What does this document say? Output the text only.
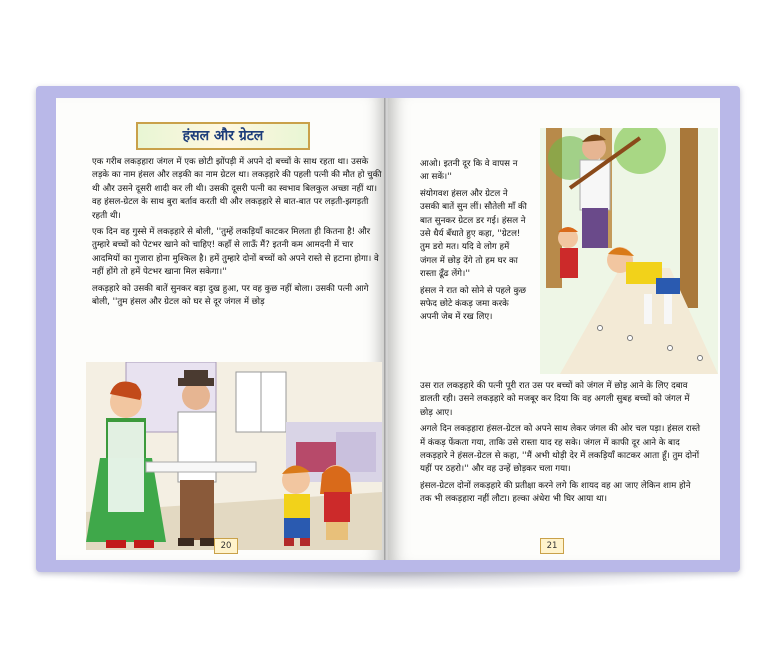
हंसल और ग्रेटल

एक गरीब लकड़हारा जंगल में एक छोटी झोंपड़ी में अपने दो बच्चों के साथ रहता था। उसके लड़के का नाम हंसल और लड़की का नाम ग्रेटल था। लकड़हारे की पहली पत्नी की मौत हो चुकी थी और उसने दूसरी शादी कर ली थी। उसकी दूसरी पत्नी का स्वभाव बिलकुल अच्छा नहीं था। वह हंसल-ग्रेटल के साथ बुरा बर्ताव करती थी और लकड़हारे से बात-बात पर लड़ती-झगड़ती रहती थी।

एक दिन वह गुस्से में लकड़हारे से बोली, ''तुम्हें लकड़ियाँ काटकर मिलता ही कितना है! और तुम्हारे बच्चों को पेटभर खाने को चाहिए! कहाँ से लाऊँ मैं? इतनी कम आमदनी में चार आदमियों का गुजारा होना मुश्किल है। हमें तुम्हारे दोनों बच्चों को अपने रास्ते से हटाना होगा। वे नहीं होंगे तो हमें पेटभर खाना मिल सकेगा।''

लकड़हारे को उसकी बातें सुनकर बड़ा दुख हुआ, पर वह कुछ नहीं बोला। उसकी पत्नी आगे बोली, ''तुम हंसल और ग्रेटल को घर से दूर जंगल में छोड़

20

आओ। इतनी दूर कि वे वापस न आ सकें।''

संयोगवश हंसल और ग्रेटल ने उसकी बातें सुन लीं। सौतेली माँ की बात सुनकर ग्रेटल डर गई। हंसल ने उसे धैर्य बँधाते हुए कहा, ''ग्रेटल! तुम डरो मत। यदि वे लोग हमें जंगल में छोड़ देंगे तो हम घर का रास्ता ढूँढ लेंगे।''

हंसल ने रात को सोने से पहले कुछ सफेद छोटे कंकड़ जमा करके अपनी जेब में रख लिए।

उस रात लकड़हारे की पत्नी पूरी रात उस पर बच्चों को जंगल में छोड़ आने के लिए दबाव डालती रही। उसने लकड़हारे को मजबूर कर दिया कि वह अगली सुबह बच्चों को जंगल में छोड़ आए।

अगले दिन लकड़हारा हंसल-ग्रेटल को अपने साथ लेकर जंगल की ओर चल पड़ा। हंसल रास्ते में कंकड़ फेंकता गया, ताकि उसे रास्ता याद रह सके। जंगल में काफी दूर आने के बाद लकड़हारे ने हंसल-ग्रेटल से कहा, ''मैं अभी थोड़ी देर में लकड़ियाँ काटकर आता हूँ। तुम दोनों यहीं पर ठहरो।'' और वह उन्हें छोड़कर चला गया।

हंसल-ग्रेटल दोनों लकड़हारे की प्रतीक्षा करने लगे कि शायद वह आ जाए लेकिन शाम होने तक भी लकड़हारा नहीं लौटा। हल्का अंधेरा भी घिर आया था।

21
